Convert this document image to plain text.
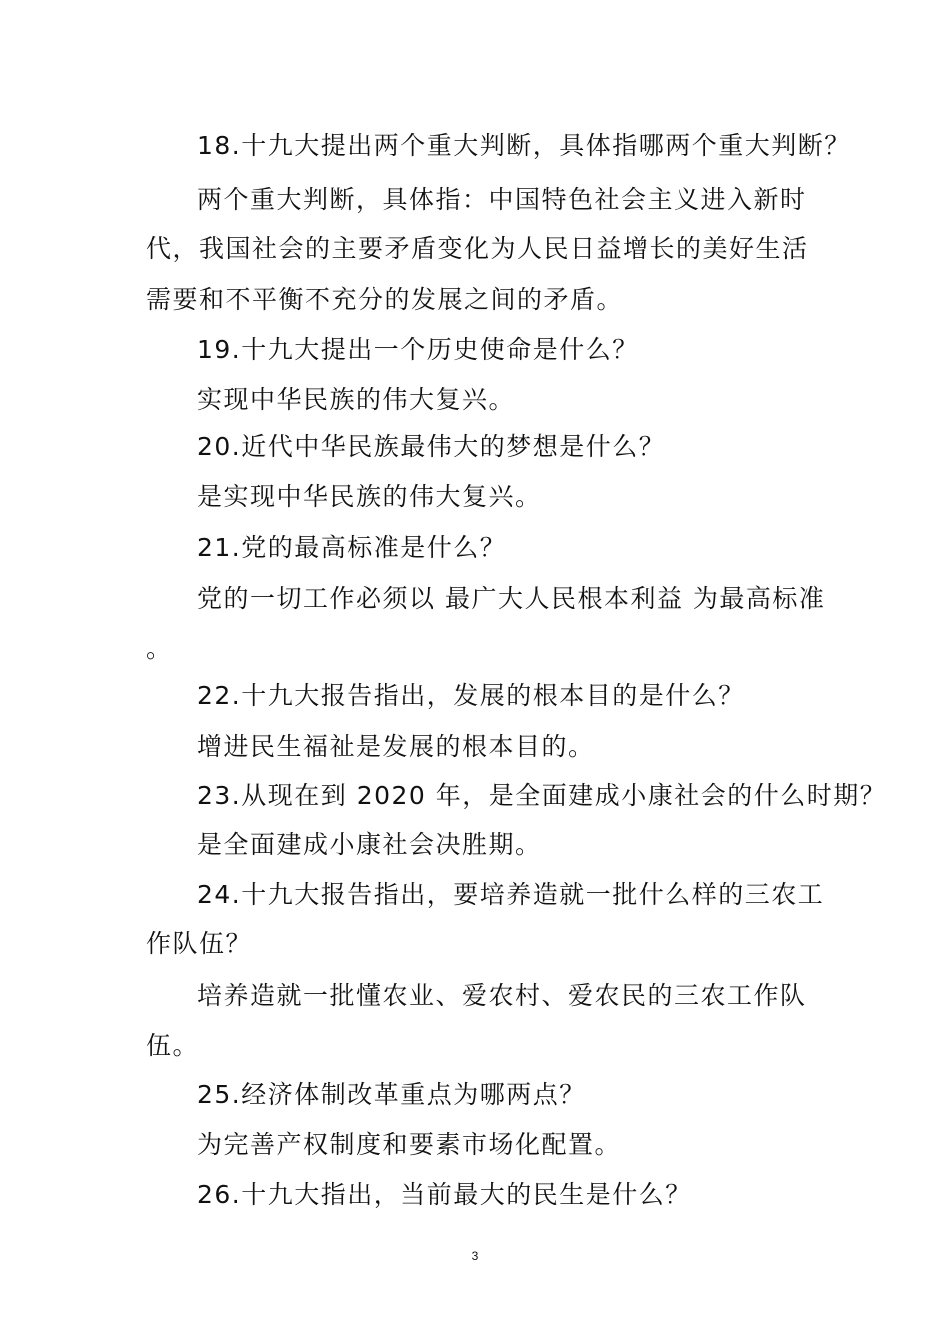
18.十九大提出两个重大判断，具体指哪两个重大判断？
两个重大判断，具体指：中国特色社会主义进入新时
代，我国社会的主要矛盾变化为人民日益增长的美好生活
需要和不平衡不充分的发展之间的矛盾。
19.十九大提出一个历史使命是什么？
实现中华民族的伟大复兴。
20.近代中华民族最伟大的梦想是什么？
是实现中华民族的伟大复兴。
21.党的最高标准是什么？
党的一切工作必须以 最广大人民根本利益 为最高标准
。
22.十九大报告指出，发展的根本目的是什么？
增进民生福祉是发展的根本目的。
23.从现在到 2020 年，是全面建成小康社会的什么时期？
是全面建成小康社会决胜期。
24.十九大报告指出，要培养造就一批什么样的三农工
作队伍？
培养造就一批懂农业、爱农村、爱农民的三农工作队
伍。
25.经济体制改革重点为哪两点？
为完善产权制度和要素市场化配置。
26.十九大指出，当前最大的民生是什么？
3
